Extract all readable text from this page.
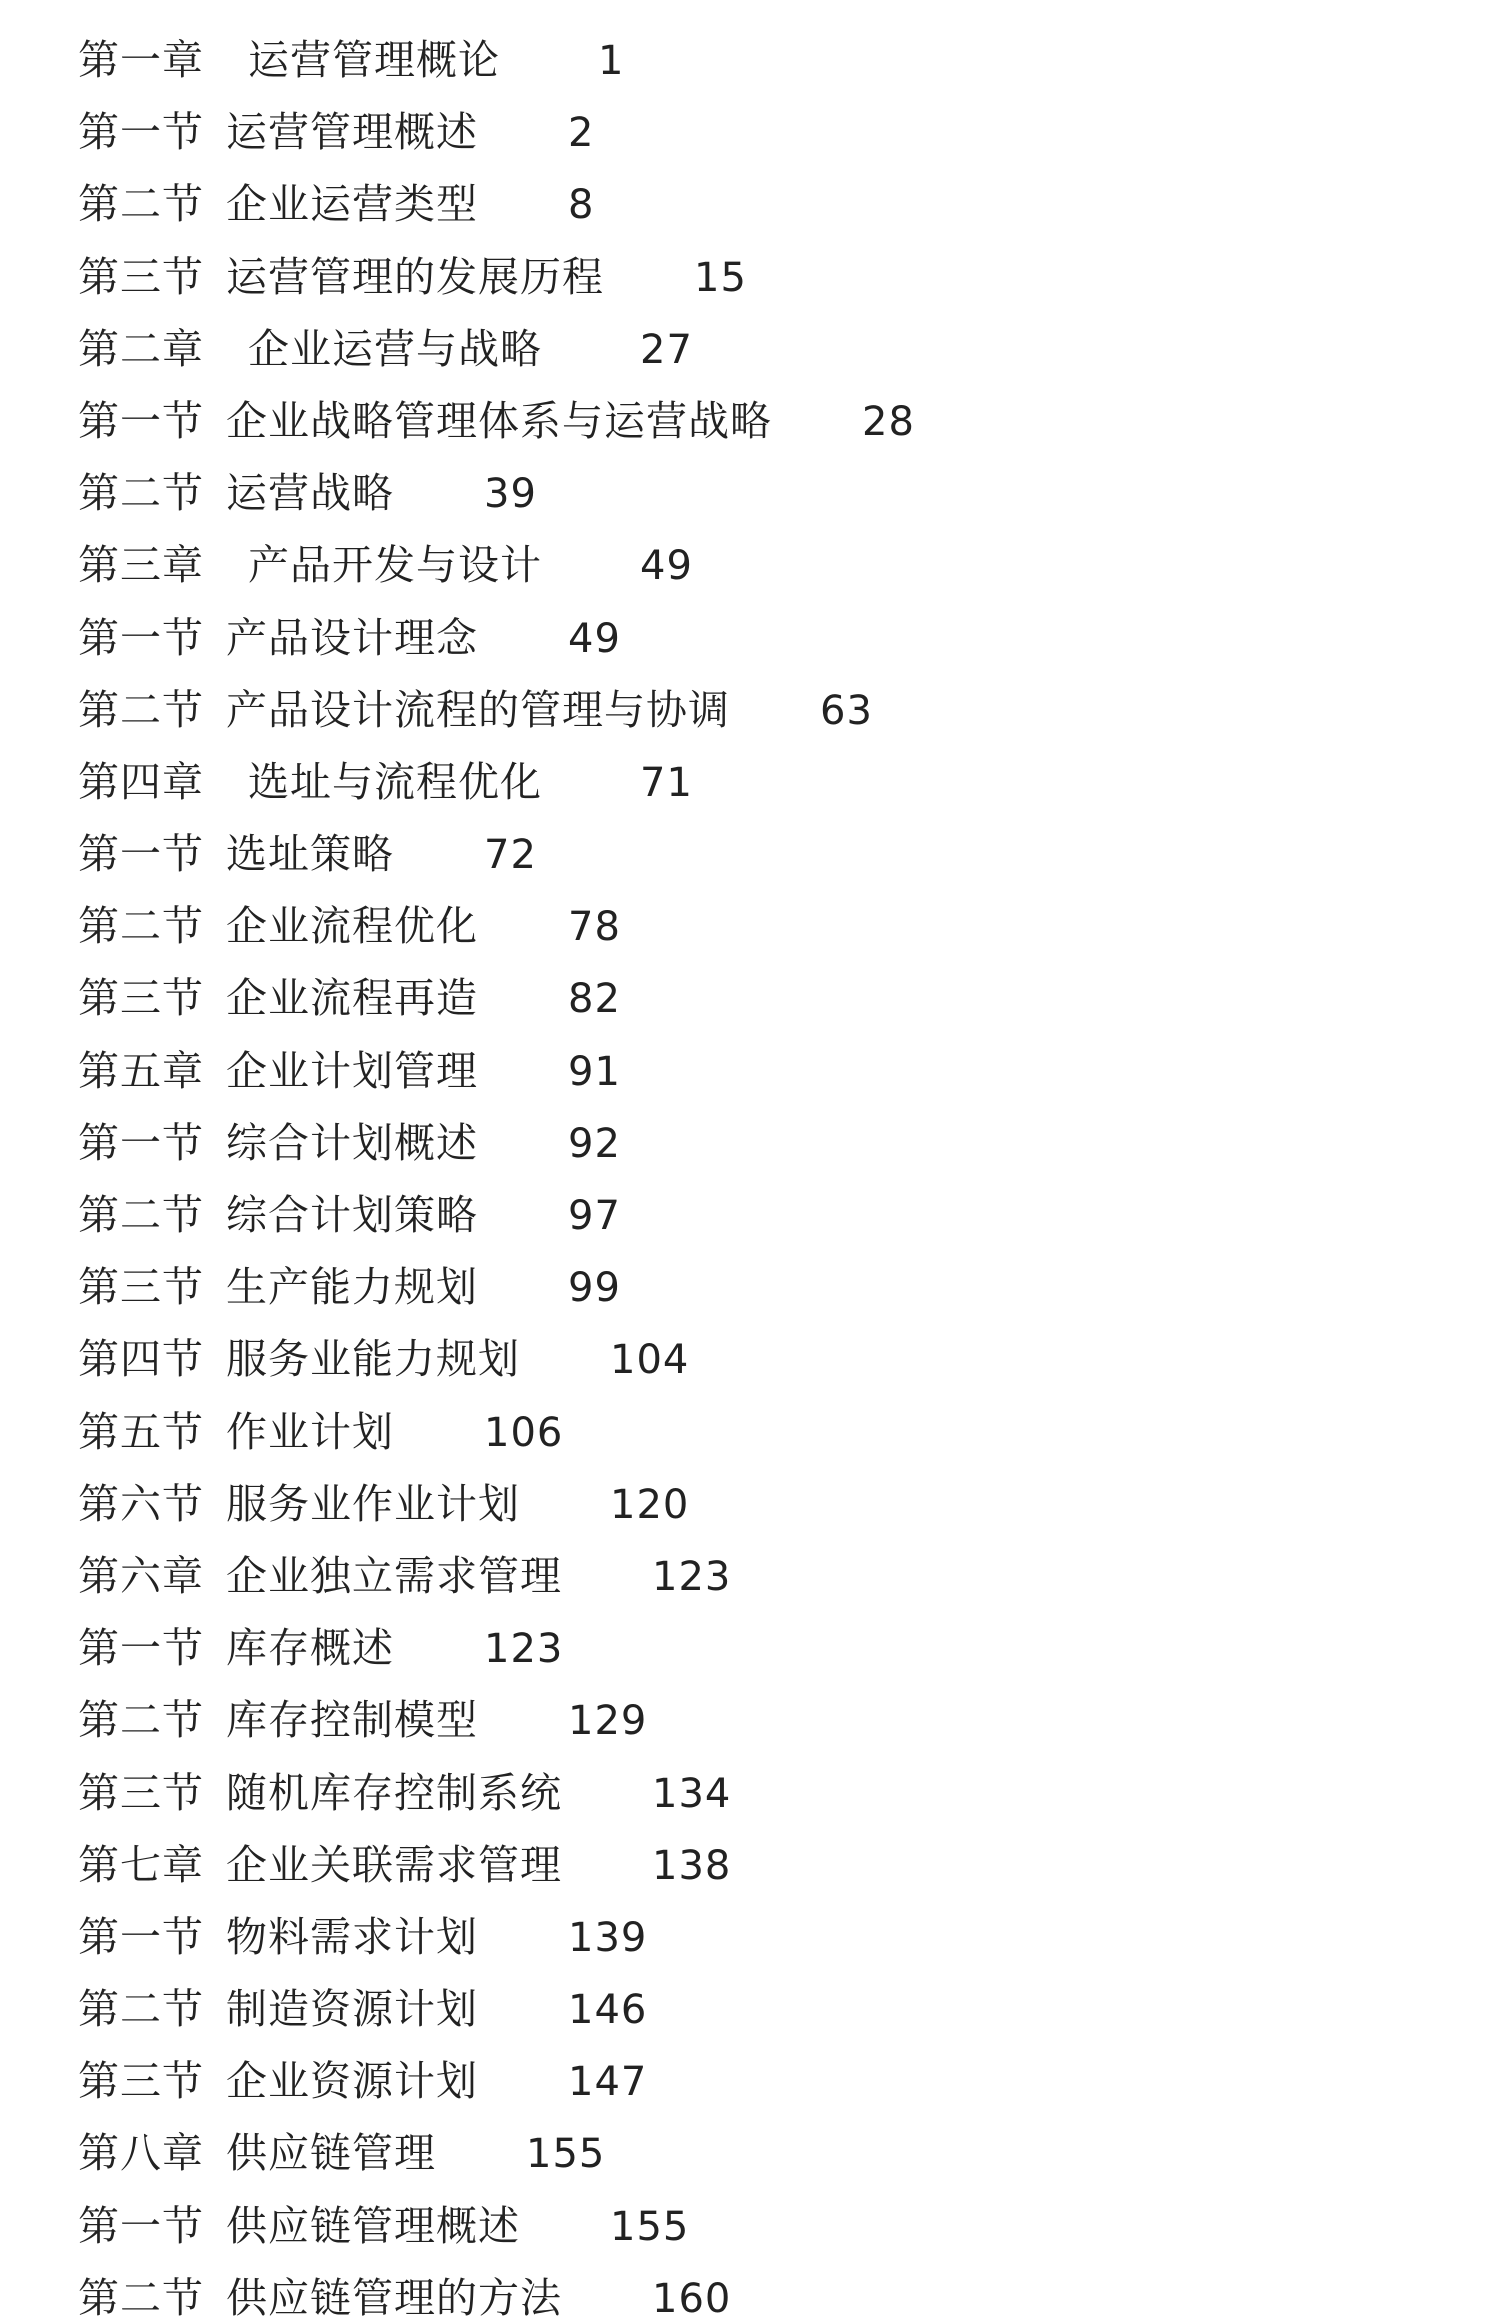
第一章 运营管理概论 1
第一节 运营管理概述 2
第二节 企业运营类型 8
第三节 运营管理的发展历程 15
第二章 企业运营与战略 27
第一节 企业战略管理体系与运营战略 28
第二节 运营战略 39
第三章 产品开发与设计 49
第一节 产品设计理念 49
第二节 产品设计流程的管理与协调 63
第四章 选址与流程优化 71
第一节 选址策略 72
第二节 企业流程优化 78
第三节 企业流程再造 82
第五章 企业计划管理 91
第一节 综合计划概述 92
第二节 综合计划策略 97
第三节 生产能力规划 99
第四节 服务业能力规划 104
第五节 作业计划 106
第六节 服务业作业计划 120
第六章 企业独立需求管理 123
第一节 库存概述 123
第二节 库存控制模型 129
第三节 随机库存控制系统 134
第七章 企业关联需求管理 138
第一节 物料需求计划 139
第二节 制造资源计划 146
第三节 企业资源计划 147
第八章 供应链管理 155
第一节 供应链管理概述 155
第二节 供应链管理的方法 160
